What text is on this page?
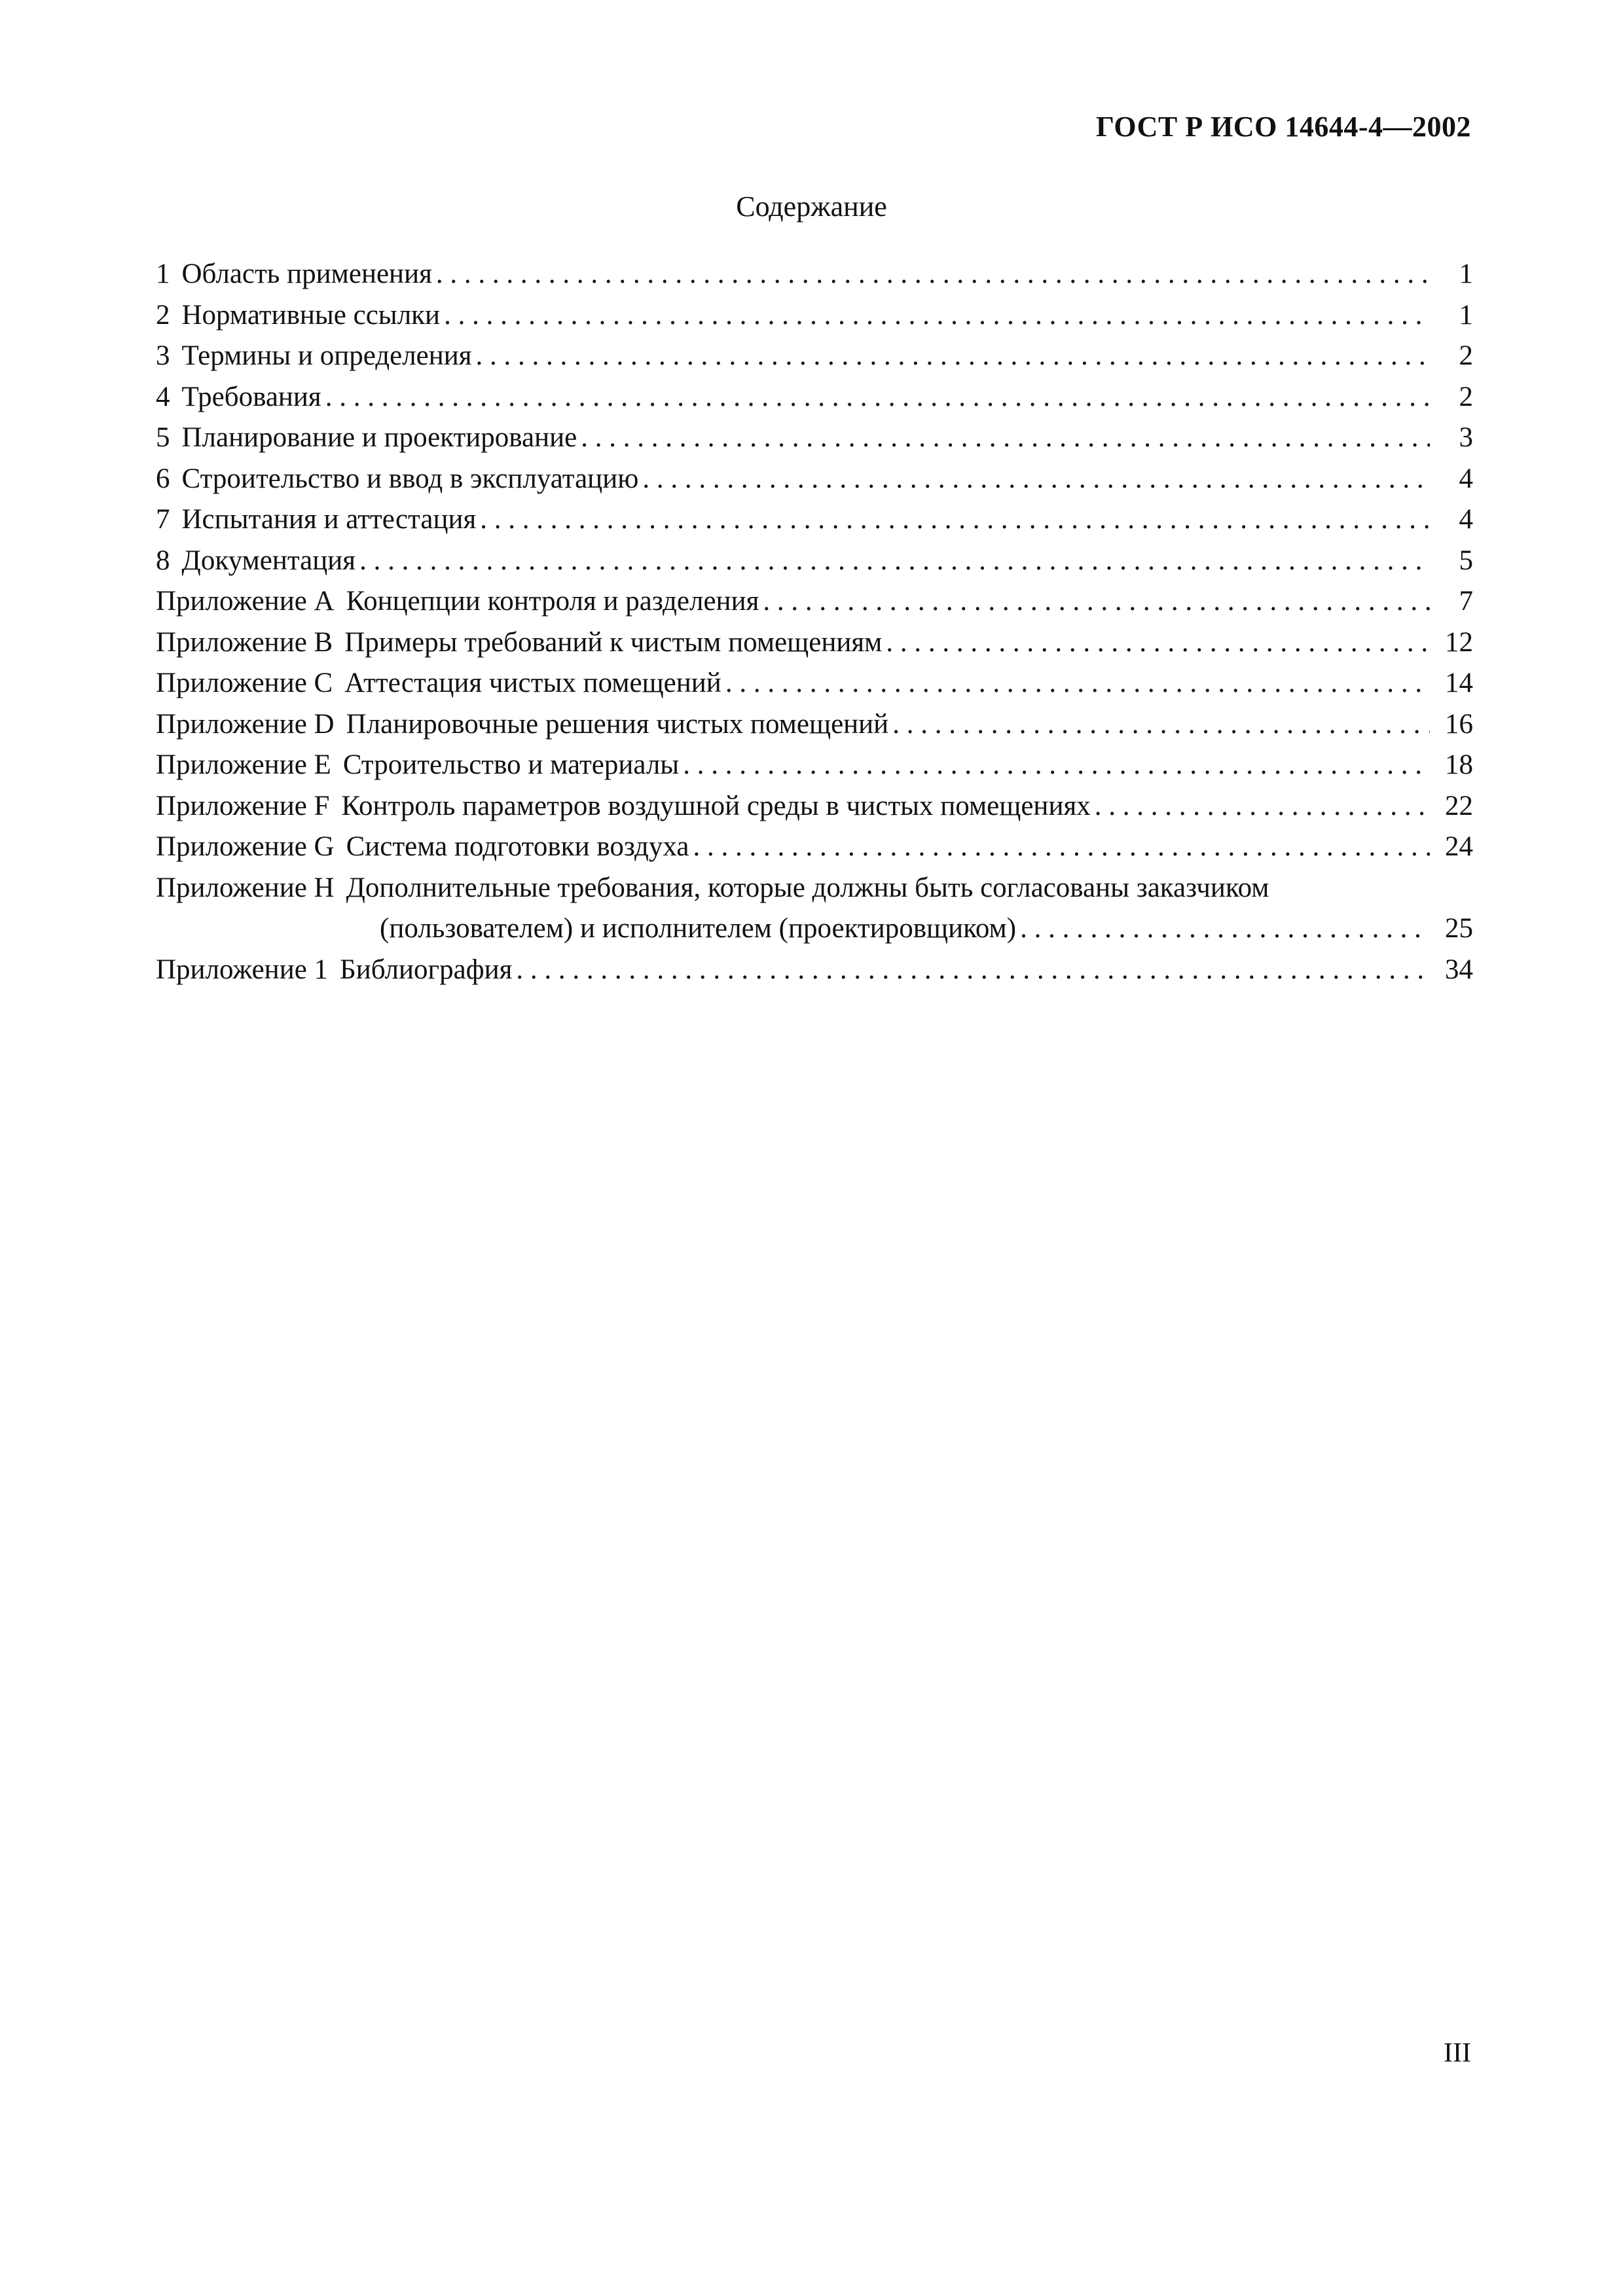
ГОСТ Р ИСО 14644-4—2002
Содержание
1 Область применения . . .	1
2 Нормативные ссылки . . .	1
3 Термины и определения . . .	2
4 Требования . . .	2
5 Планирование и проектирование . . .	3
6 Строительство и ввод в эксплуатацию . . .	4
7 Испытания и аттестация . . .	4
8 Документация . . .	5
Приложение А Концепции контроля и разделения . . .	7
Приложение В Примеры требований к чистым помещениям . . .	12
Приложение С Аттестация чистых помещений . . .	14
Приложение D Планировочные решения чистых помещений . . .	16
Приложение Е Строительство и материалы . . .	18
Приложение F Контроль параметров воздушной среды в чистых помещениях . . .	22
Приложение G Система подготовки воздуха . . .	24
Приложение Н Дополнительные требования, которые должны быть согласованы заказчиком
(пользователем) и исполнителем (проектировщиком) . . .	25
Приложение 1 Библиография . . .	34
III
